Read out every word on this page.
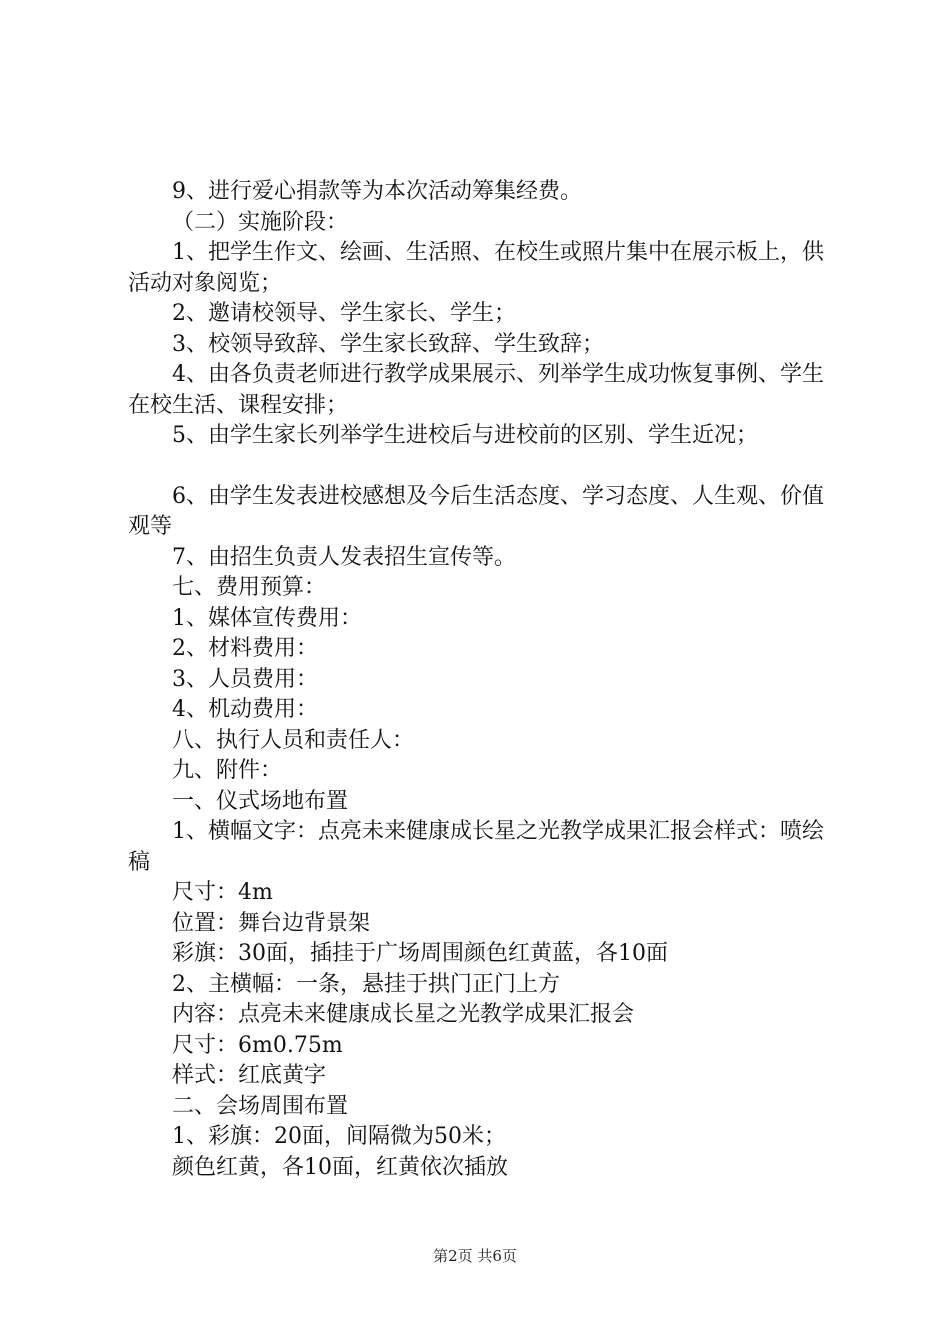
9、进行爱心捐款等为本次活动筹集经费。

（二）实施阶段：

1、把学生作文、绘画、生活照、在校生或照片集中在展示板上，供活动对象阅览；

2、邀请校领导、学生家长、学生；

3、校领导致辞、学生家长致辞、学生致辞；

4、由各负责老师进行教学成果展示、列举学生成功恢复事例、学生在校生活、课程安排；

5、由学生家长列举学生进校后与进校前的区别、学生近况；

6、由学生发表进校感想及今后生活态度、学习态度、人生观、价值观等

7、由招生负责人发表招生宣传等。

七、费用预算：

1、媒体宣传费用：

2、材料费用：

3、人员费用：

4、机动费用：

八、执行人员和责任人：

九、附件：

一、仪式场地布置

1、横幅文字：点亮未来健康成长星之光教学成果汇报会样式：喷绘稿

尺寸：4m

位置：舞台边背景架

彩旗：30面，插挂于广场周围颜色红黄蓝，各10面

2、主横幅：一条，悬挂于拱门正门上方

内容：点亮未来健康成长星之光教学成果汇报会

尺寸：6m0.75m

样式：红底黄字

二、会场周围布置

1、彩旗：20面，间隔微为50米；

颜色红黄，各10面，红黄依次插放

第2页 共6页
